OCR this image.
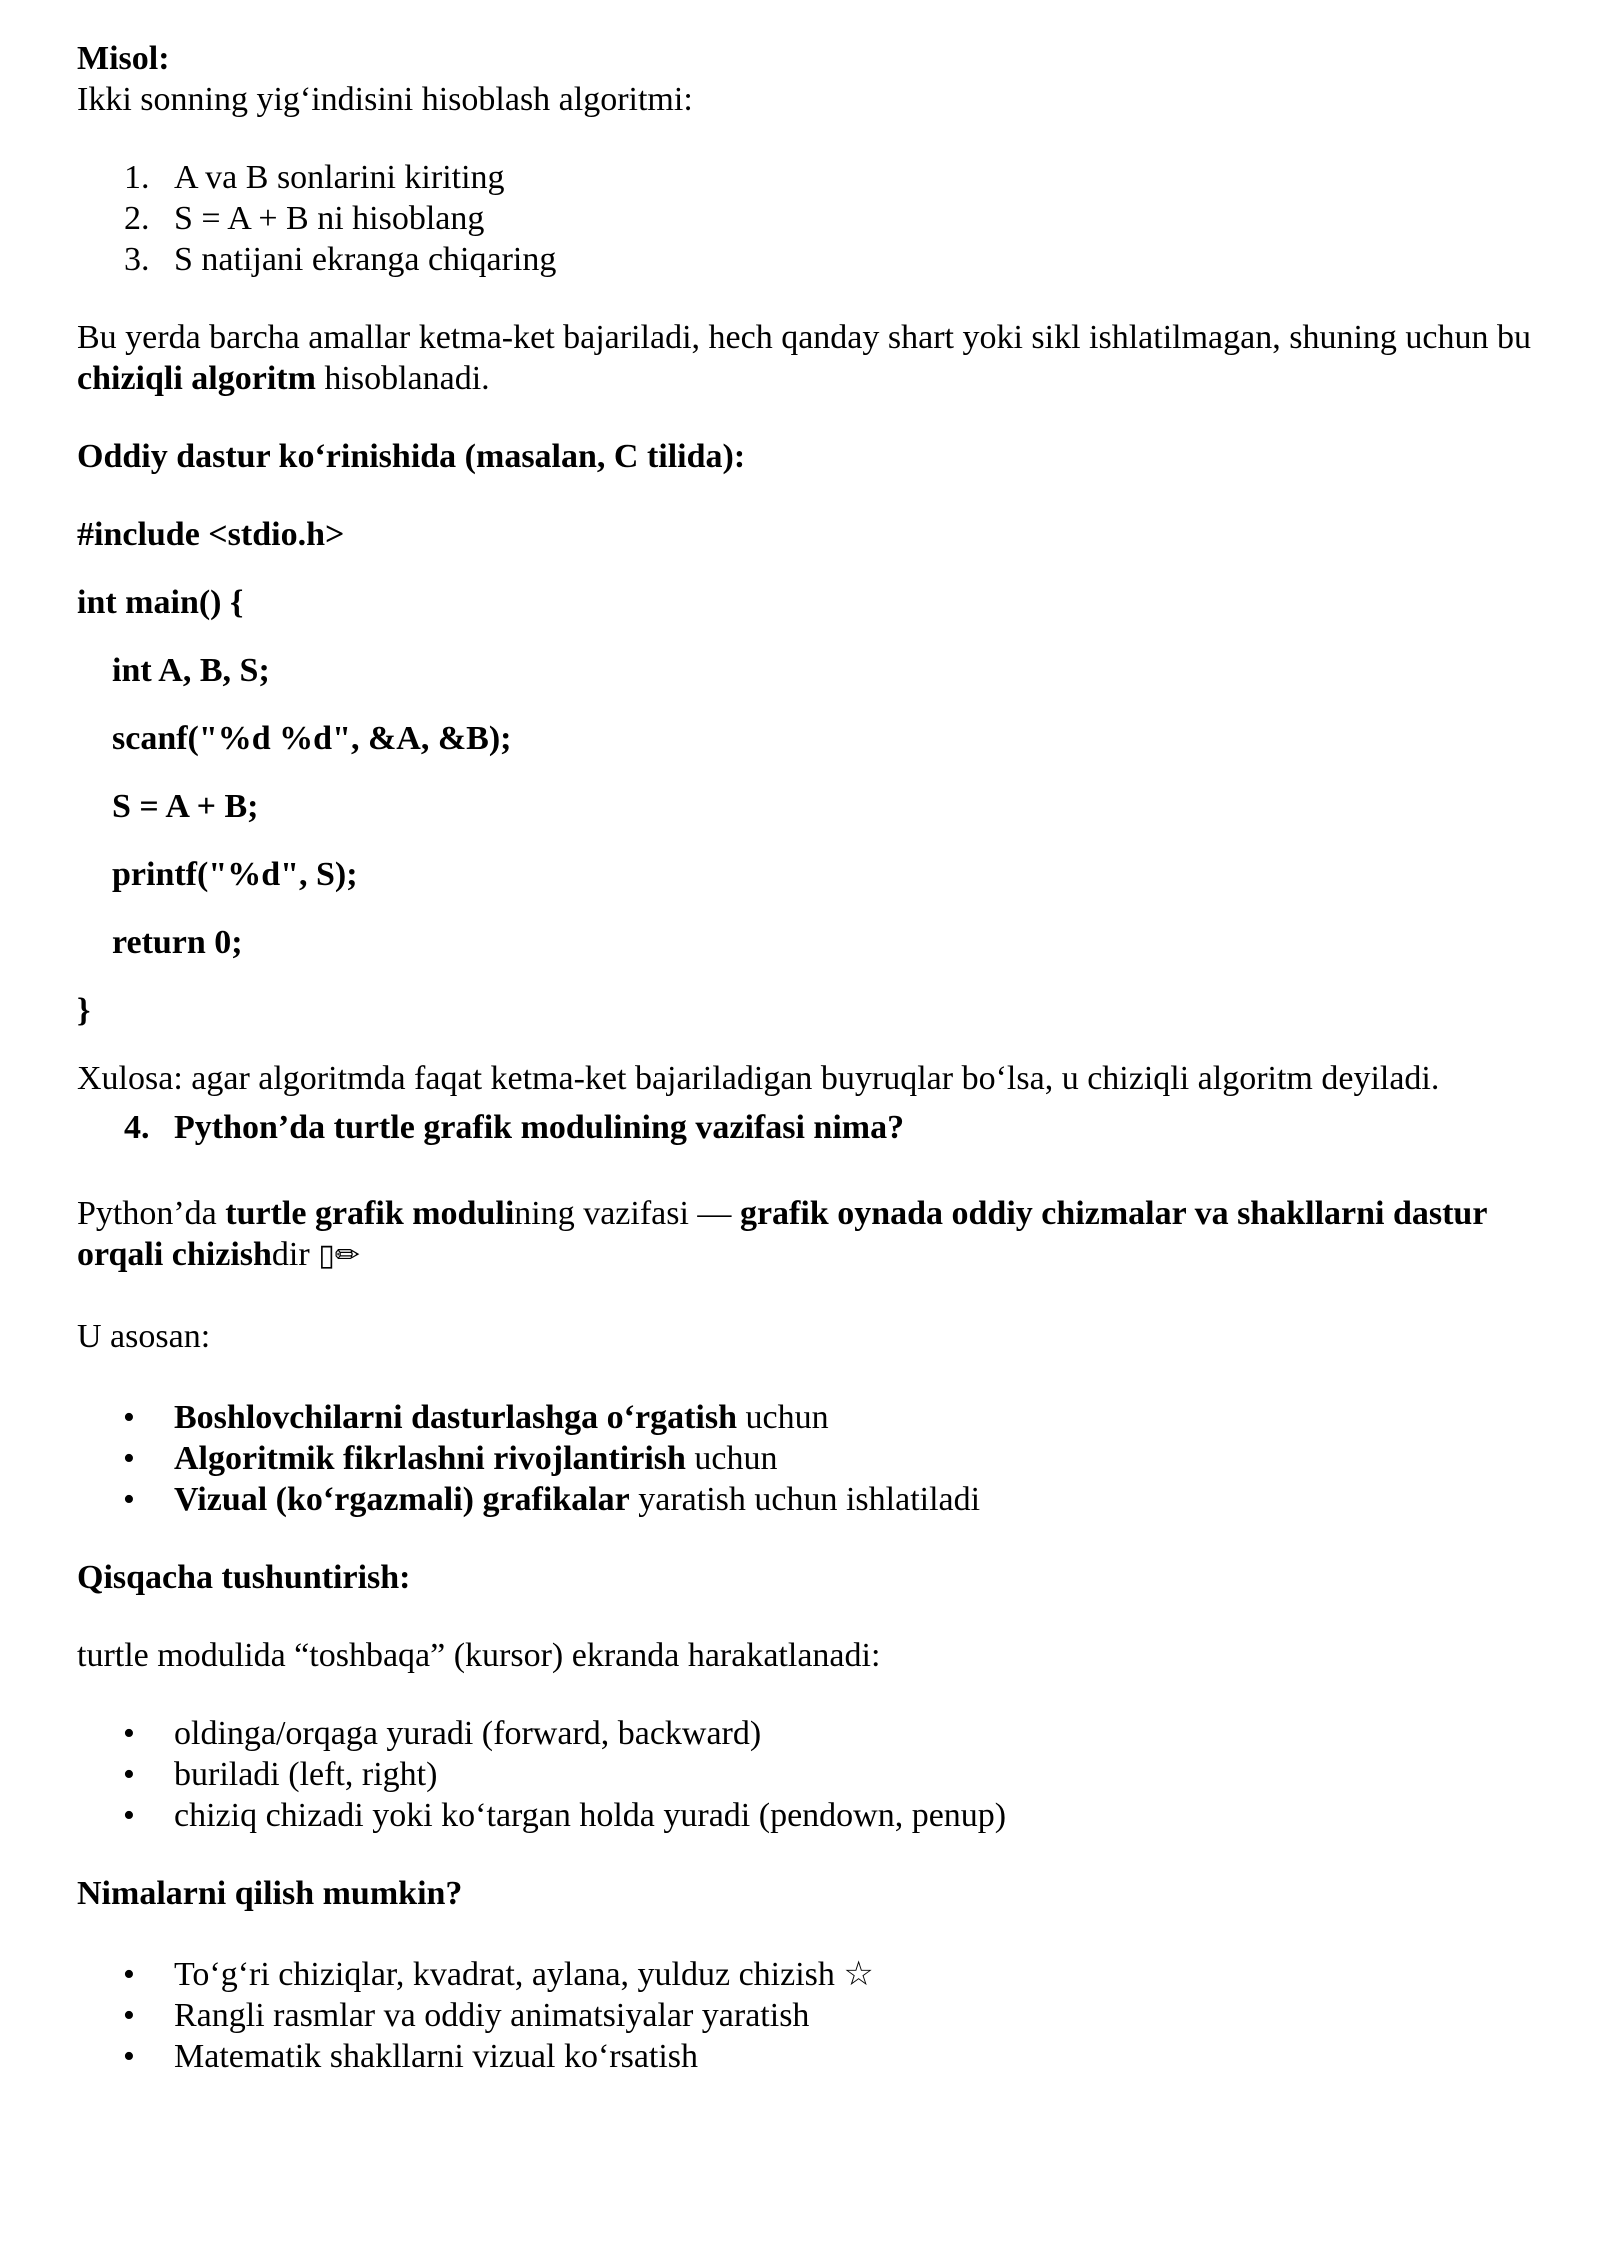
Misol:

Ikki sonning yig‘indisini hisoblash algoritmi:

1. A va B sonlarini kiriting
2. S = A + B ni hisoblang
3. S natijani ekranga chiqaring

Bu yerda barcha amallar ketma-ket bajariladi, hech qanday shart yoki sikl ishlatilmagan, shuning uchun bu chiziqli algoritm hisoblanadi.

Oddiy dastur ko‘rinishida (masalan, C tilida):

#include <stdio.h>

int main() {

int A, B, S;

scanf("%d %d", &A, &B);

S = A + B;

printf("%d", S);

return 0;

}

Xulosa: agar algoritmda faqat ketma-ket bajariladigan buyruqlar bo‘lsa, u chiziqli algoritm deyiladi.

4. Python’da turtle grafik modulining vazifasi nima?

Python’da turtle grafik modulining vazifasi — grafik oynada oddiy chizmalar va shakllarni dastur orqali chizishdir ▯✏

U asosan:

• Boshlovchilarni dasturlashga o‘rgatish uchun
• Algoritmik fikrlashni rivojlantirish uchun
• Vizual (ko‘rgazmali) grafikalar yaratish uchun ishlatiladi

Qisqacha tushuntirish:

turtle modulida “toshbaqa” (kursor) ekranda harakatlanadi:

• oldinga/orqaga yuradi (forward, backward)
• buriladi (left, right)
• chiziq chizadi yoki ko‘targan holda yuradi (pendown, penup)

Nimalarni qilish mumkin?

• To‘g‘ri chiziqlar, kvadrat, aylana, yulduz chizish ☆
• Rangli rasmlar va oddiy animatsiyalar yaratish
• Matematik shakllarni vizual ko‘rsatish
